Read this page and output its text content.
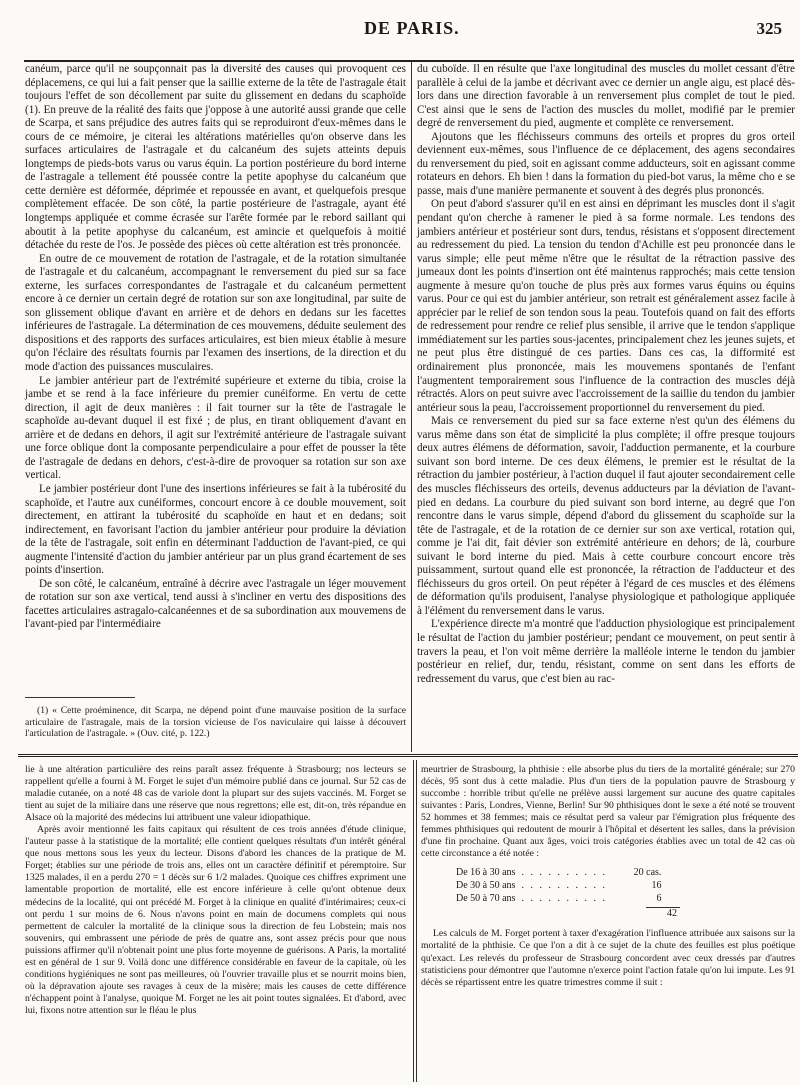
DE PARIS.	325

canéum, parce qu'il ne soupçonnait pas la diversité des causes qui provoquent ces déplacemens, ce qui lui a fait penser que la saillie externe de la tête de l'astragale était toujours l'effet de son décollement par suite du glissement en dedans du scaphoïde (1). En preuve de la réalité des faits que j'oppose à une autorité aussi grande que celle de Scarpa, et sans préjudice des autres faits qui se reproduiront d'eux-mêmes dans le cours de ce mémoire, je citerai les altérations matérielles qu'on observe dans les surfaces articulaires de l'astragale et du calcanéum des sujets atteints depuis longtemps de pieds-bots varus ou varus équin. La portion postérieure du bord interne de l'astragale a tellement été poussée contre la petite apophyse du calcanéum que cette dernière est déformée, déprimée et repoussée en avant, et quelquefois presque complètement effacée. De son côté, la partie postérieure de l'astragale, ayant été longtemps appliquée et comme écrasée sur l'arête formée par le rebord saillant qui aboutit à la petite apophyse du calcanéum, est amincie et quelquefois à moitié détachée du reste de l'os. Je possède des pièces où cette altération est très prononcée.

En outre de ce mouvement de rotation de l'astragale, et de la rotation simultanée de l'astragale et du calcanéum, accompagnant le renversement du pied sur sa face externe, les surfaces correspondantes de l'astragale et du calcanéum permettent encore à ce dernier un certain degré de rotation sur son axe longitudinal, par suite de son glissement oblique d'avant en arrière et de dehors en dedans sur les facettes inférieures de l'astragale. La détermination de ces mouvemens, déduite seulement des dispositions et des rapports des surfaces articulaires, est bien mieux établie à mesure qu'on l'éclaire des résultats fournis par l'examen des insertions, de la direction et du mode d'action des puissances musculaires.

Le jambier antérieur part de l'extrémité supérieure et externe du tibia, croise la jambe et se rend à la face inférieure du premier cunéiforme. En vertu de cette direction, il agit de deux manières : il fait tourner sur la tête de l'astragale le scaphoïde au-devant duquel il est fixé ; de plus, en tirant obliquement d'avant en arrière et de dedans en dehors, il agit sur l'extrémité antérieure de l'astragale suivant une force oblique dont la composante perpendiculaire a pour effet de pousser la tête de l'astragale de dedans en dehors, c'est-à-dire de provoquer sa rotation sur son axe vertical.

Le jambier postérieur dont l'une des insertions inférieures se fait à la tubérosité du scaphoïde, et l'autre aux cunéiformes, concourt encore à ce double mouvement, soit directement, en attirant la tubérosité du scaphoïde en haut et en dedans; soit indirectement, en favorisant l'action du jambier antérieur pour produire la déviation de la tête de l'astragale, soit enfin en déterminant l'adduction de l'avant-pied, ce qui augmente l'intensité d'action du jambier antérieur par un plus grand écartement de ses points d'insertion.

De son côté, le calcanéum, entraîné à décrire avec l'astragale un léger mouvement de rotation sur son axe vertical, tend aussi à s'incliner en vertu des dispositions des facettes articulaires astragalo-calcanéennes et de sa subordination aux mouvemens de l'avant-pied par l'intermédiaire

(1) « Cette proéminence, dit Scarpa, ne dépend point d'une mauvaise position de la surface articulaire de l'astragale, mais de la torsion vicieuse de l'os naviculaire qui laisse à découvert l'articulation de l'astragale. » (Ouv. cité, p. 122.)

du cuboïde. Il en résulte que l'axe longitudinal des muscles du mollet cessant d'être parallèle à celui de la jambe et décrivant avec ce dernier un angle aigu, est placé dès-lors dans une direction favorable à un renversement plus complet de tout le pied. C'est ainsi que le sens de l'action des muscles du mollet, modifié par le premier degré de renversement du pied, augmente et complète ce renversement.

Ajoutons que les fléchisseurs communs des orteils et propres du gros orteil deviennent eux-mêmes, sous l'influence de ce déplacement, des agens secondaires du renversement du pied, soit en agissant comme adducteurs, soit en agissant comme rotateurs en dehors. Eh bien ! dans la formation du pied-bot varus, la même cho e se passe, mais d'une manière permanente et souvent à des degrés plus prononcés.

On peut d'abord s'assurer qu'il en est ainsi en déprimant les muscles dont il s'agit pendant qu'on cherche à ramener le pied à sa forme normale. Les tendons des jambiers antérieur et postérieur sont durs, tendus, résistans et s'opposent directement au redressement du pied. La tension du tendon d'Achille est peu prononcée dans le varus simple; elle peut même n'être que le résultat de la rétraction passive des jumeaux dont les points d'insertion ont été maintenus rapprochés; mais cette tension augmente à mesure qu'on touche de plus près aux formes varus équins ou équins varus. Pour ce qui est du jambier antérieur, son retrait est généralement assez facile à apprécier par le relief de son tendon sous la peau. Toutefois quand on fait des efforts de redressement pour rendre ce relief plus sensible, il arrive que le tendon s'applique immédiatement sur les parties sous-jacentes, principalement chez les jeunes sujets, et ne peut plus être distingué de ces parties. Dans ces cas, la difformité est ordinairement plus prononcée, mais les mouvemens spontanés de l'enfant l'augmentent temporairement sous l'influence de la contraction des muscles déjà rétractés. Alors on peut suivre avec l'accroissement de la saillie du tendon du jambier antérieur sous la peau, l'accroissement proportionnel du renversement du pied.

Mais ce renversement du pied sur sa face externe n'est qu'un des élémens du varus même dans son état de simplicité la plus complète; il offre presque toujours deux autres élémens de déformation, savoir, l'adduction permanente, et la courbure suivant son bord interne. De ces deux élémens, le premier est le résultat de la rétraction du jambier postérieur, à l'action duquel il faut ajouter secondairement celle des muscles fléchisseurs des orteils, devenus adducteurs par la déviation de l'avant-pied en dedans. La courbure du pied suivant son bord interne, au degré que l'on rencontre dans le varus simple, dépend d'abord du glissement du scaphoïde sur la tête de l'astragale, et de la rotation de ce dernier sur son axe vertical, rotation qui, comme je l'ai dit, fait dévier son extrémité antérieure en dehors; de là, courbure suivant le bord interne du pied. Mais à cette courbure concourt encore très puissamment, surtout quand elle est prononcée, la rétraction de l'adducteur et des fléchisseurs du gros orteil. On peut répéter à l'égard de ces muscles et des élémens de déformation qu'ils produisent, l'analyse physiologique et pathologique appliquée à l'élément du renversement dans le varus.

L'expérience directe m'a montré que l'adduction physiologique est principalement le résultat de l'action du jambier postérieur; pendant ce mouvement, on peut sentir à travers la peau, et l'on voit même derrière la malléole interne le tendon du jambier postérieur en relief, dur, tendu, résistant, comme on sent dans les efforts de redressement du varus, que c'est bien au rac-

lie à une altération particulière des reins paraît assez fréquente à Strasbourg; nos lecteurs se rappellent qu'elle a fourni à M. Forget le sujet d'un mémoire publié dans ce journal. Sur 52 cas de maladie cutanée, on a noté 48 cas de variole dont la plupart sur des sujets vaccinés. M. Forget se tient au sujet de la miliaire dans une réserve que nous regrettons; elle est, dit-on, très répandue en Alsace où la majorité des médecins lui attribuent une valeur idiopathique.

Après avoir mentionné les faits capitaux qui résultent de ces trois années d'étude clinique, l'auteur passe à la statistique de la mortalité; elle contient quelques résultats d'un intérêt général que nous mettons sous les yeux du lecteur. Disons d'abord les chances de la pratique de M. Forget; établies sur une période de trois ans, elles ont un caractère définitif et péremptoire. Sur 1325 malades, il en a perdu 270 = 1 décès sur 6 1/2 malades. Quoique ces chiffres expriment une lamentable proportion de mortalité, elle est encore inférieure à celle qu'ont obtenue deux médecins de la localité, qui ont précédé M. Forget à la clinique en qualité d'intérimaires; ceux-ci ont perdu 1 sur moins de 6. Nous n'avons point en main de documens complets qui nous permettent de calculer la mortalité de la clinique sous la direction de feu Lobstein; mais nos souvenirs, qui embrassent une période de près de quatre ans, sont assez précis pour que nous puissions affirmer qu'il n'obtenait point une plus forte moyenne de guérisons. A Paris, la mortalité est en général de 1 sur 9. Voilà donc une différence considérable en faveur de la capitale, où les conditions hygiéniques ne sont pas meilleures, où l'ouvrier travaille plus et se nourrit moins bien, où la dépravation ajoute ses ravages à ceux de la misère; mais les causes de cette différence n'échappent point à l'analyse, quoique M. Forget ne les ait point toutes signalées. Et d'abord, avec lui, fixons notre attention sur le fléau le plus

meurtrier de Strasbourg, la phthisie : elle absorbe plus du tiers de la mortalité générale; sur 270 décès, 95 sont dus à cette maladie. Plus d'un tiers de la population pauvre de Strasbourg y succombe : horrible tribut qu'elle ne prélève aussi largement sur aucune des quatre capitales suivantes : Paris, Londres, Vienne, Berlin! Sur 90 phthisiques dont le sexe a été noté se trouvent 52 hommes et 38 femmes; mais ce résultat perd sa valeur par l'émigration plus fréquente des femmes phthisiques qui redoutent de mourir à l'hôpital et désertent les salles, dans la prévision d'une fin prochaine. Quant aux âges, voici trois catégories établies avec un total de 42 cas où cette circonstance a été notée :

De 16 à 30 ans	. . . . . . . . . .	20 cas.
De 30 à 50 ans	. . . . . . . . . .	16
De 50 à 70 ans	. . . . . . . . . .	6
42

Les calculs de M. Forget portent à taxer d'exagération l'influence attribuée aux saisons sur la mortalité de la phthisie. Ce que l'on a dit à ce sujet de la chute des feuilles est plus poétique qu'exact. Les relevés du professeur de Strasbourg concordent avec ceux dressés par d'autres statisticiens pour démontrer que l'automne n'exerce point l'action fatale qu'on lui impute. Les 91 décès se répartissent entre les quatre trimestres comme il suit :
